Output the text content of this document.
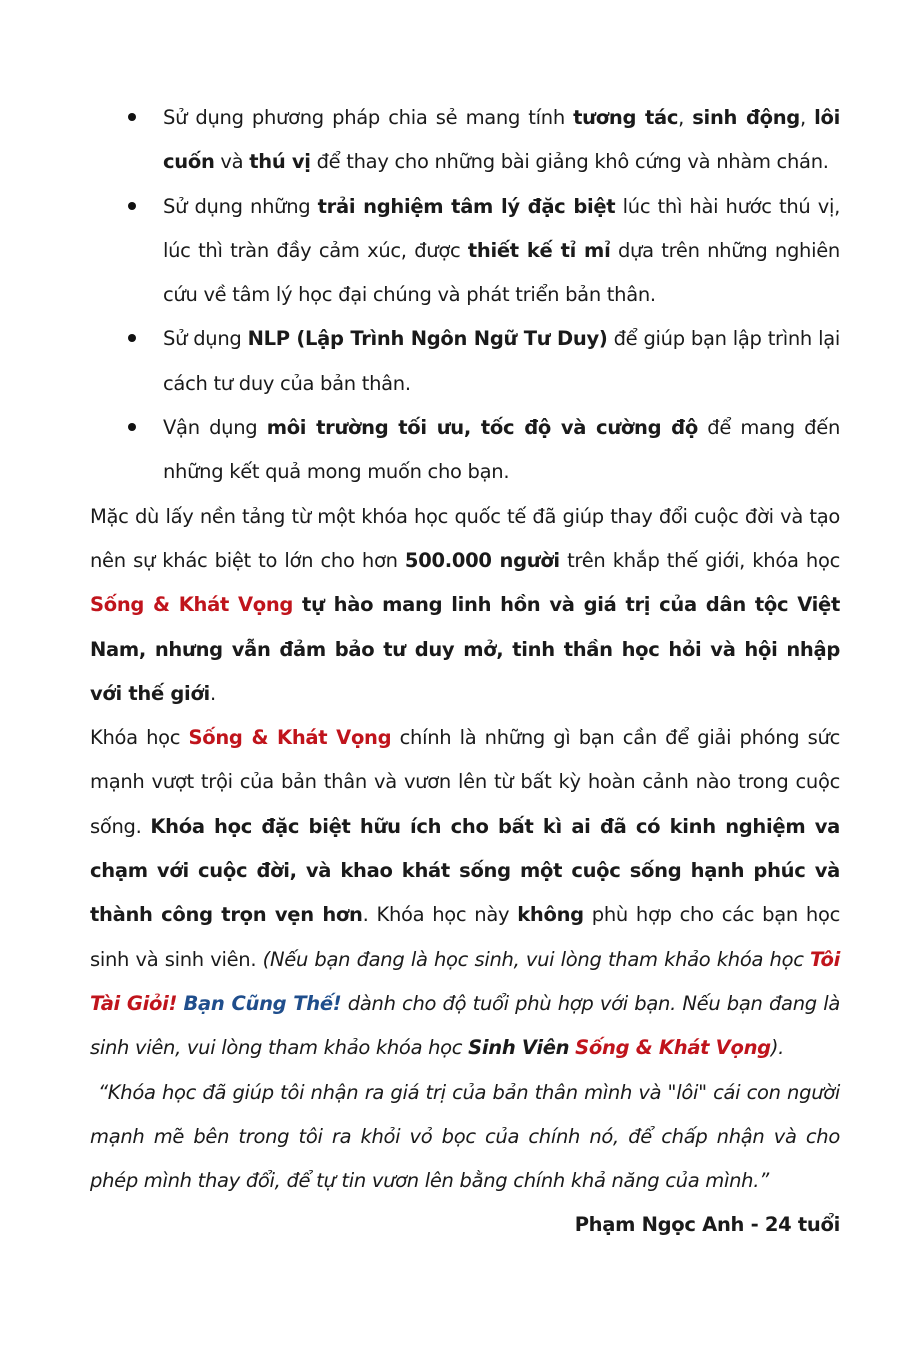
Sử dụng phương pháp chia sẻ mang tính tương tác, sinh động, lôi cuốn và thú vị để thay cho những bài giảng khô cứng và nhàm chán.
Sử dụng những trải nghiệm tâm lý đặc biệt lúc thì hài hước thú vị, lúc thì tràn đầy cảm xúc, được thiết kế tỉ mỉ dựa trên những nghiên cứu về tâm lý học đại chúng và phát triển bản thân.
Sử dụng NLP (Lập Trình Ngôn Ngữ Tư Duy) để giúp bạn lập trình lại cách tư duy của bản thân.
Vận dụng môi trường tối ưu, tốc độ và cường độ để mang đến những kết quả mong muốn cho bạn.

Mặc dù lấy nền tảng từ một khóa học quốc tế đã giúp thay đổi cuộc đời và tạo nên sự khác biệt to lớn cho hơn 500.000 người trên khắp thế giới, khóa học Sống & Khát Vọng tự hào mang linh hồn và giá trị của dân tộc Việt Nam, nhưng vẫn đảm bảo tư duy mở, tinh thần học hỏi và hội nhập với thế giới.

Khóa học Sống & Khát Vọng chính là những gì bạn cần để giải phóng sức mạnh vượt trội của bản thân và vươn lên từ bất kỳ hoàn cảnh nào trong cuộc sống. Khóa học đặc biệt hữu ích cho bất kì ai đã có kinh nghiệm va chạm với cuộc đời, và khao khát sống một cuộc sống hạnh phúc và thành công trọn vẹn hơn. Khóa học này không phù hợp cho các bạn học sinh và sinh viên. (Nếu bạn đang là học sinh, vui lòng tham khảo khóa học Tôi Tài Giỏi! Bạn Cũng Thế! dành cho độ tuổi phù hợp với bạn. Nếu bạn đang là sinh viên, vui lòng tham khảo khóa học Sinh Viên Sống & Khát Vọng).

“Khóa học đã giúp tôi nhận ra giá trị của bản thân mình và "lôi" cái con người mạnh mẽ bên trong tôi ra khỏi vỏ bọc của chính nó, để chấp nhận và cho phép mình thay đổi, để tự tin vươn lên bằng chính khả năng của mình.”

Phạm Ngọc Anh - 24 tuổi
